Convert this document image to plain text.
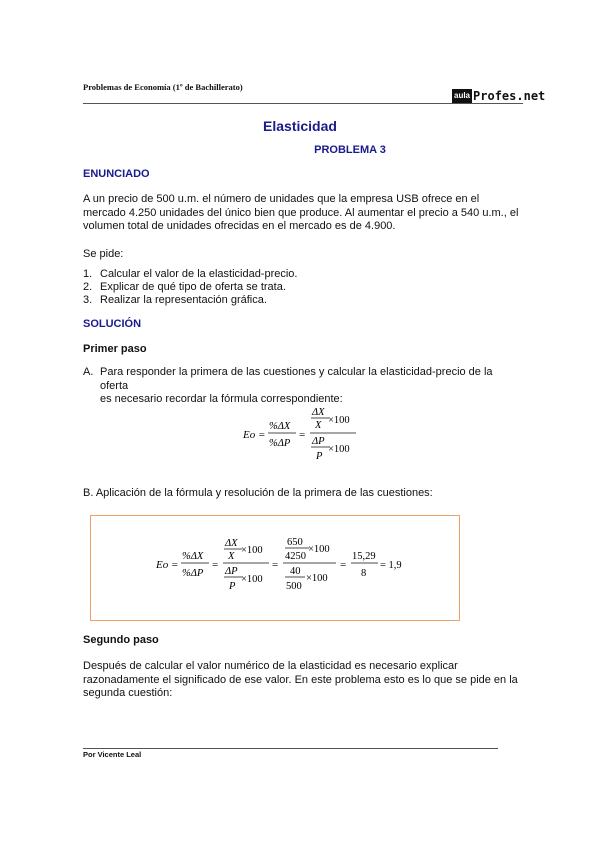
Problemas de Economía (1º de Bachillerato)
aula Profes.net
Elasticidad
PROBLEMA 3
ENUNCIADO
A un precio de 500 u.m. el número de unidades que la empresa USB ofrece en el
mercado 4.250 unidades del único bien que produce. Al aumentar el precio a 540 u.m., el
volumen total de unidades ofrecidas en el mercado es de 4.900.
Se pide:
1. Calcular el valor de la elasticidad-precio.
2. Explicar de qué tipo de oferta se trata.
3. Realizar la representación gráfica.
SOLUCIÓN
Primer paso
A. Para responder la primera de las cuestiones y calcular la elasticidad-precio de la oferta
es necesario recordar la fórmula correspondiente:
Eo =
%ΔX
%ΔP
=
ΔX
X ×100
ΔP
P
×100
B. Aplicación de la fórmula y resolución de la primera de las cuestiones:
Eo =
%ΔX
%ΔP
=
ΔX
X
×100
ΔP
P
×100
=
650
4250
×100
40
500
×100
=
15,29
8
= 1,9
Segundo paso
Después de calcular el valor numérico de la elasticidad es necesario explicar
razonadamente el significado de ese valor. En este problema esto es lo que se pide en la
segunda cuestión:
Por Vicente Leal
